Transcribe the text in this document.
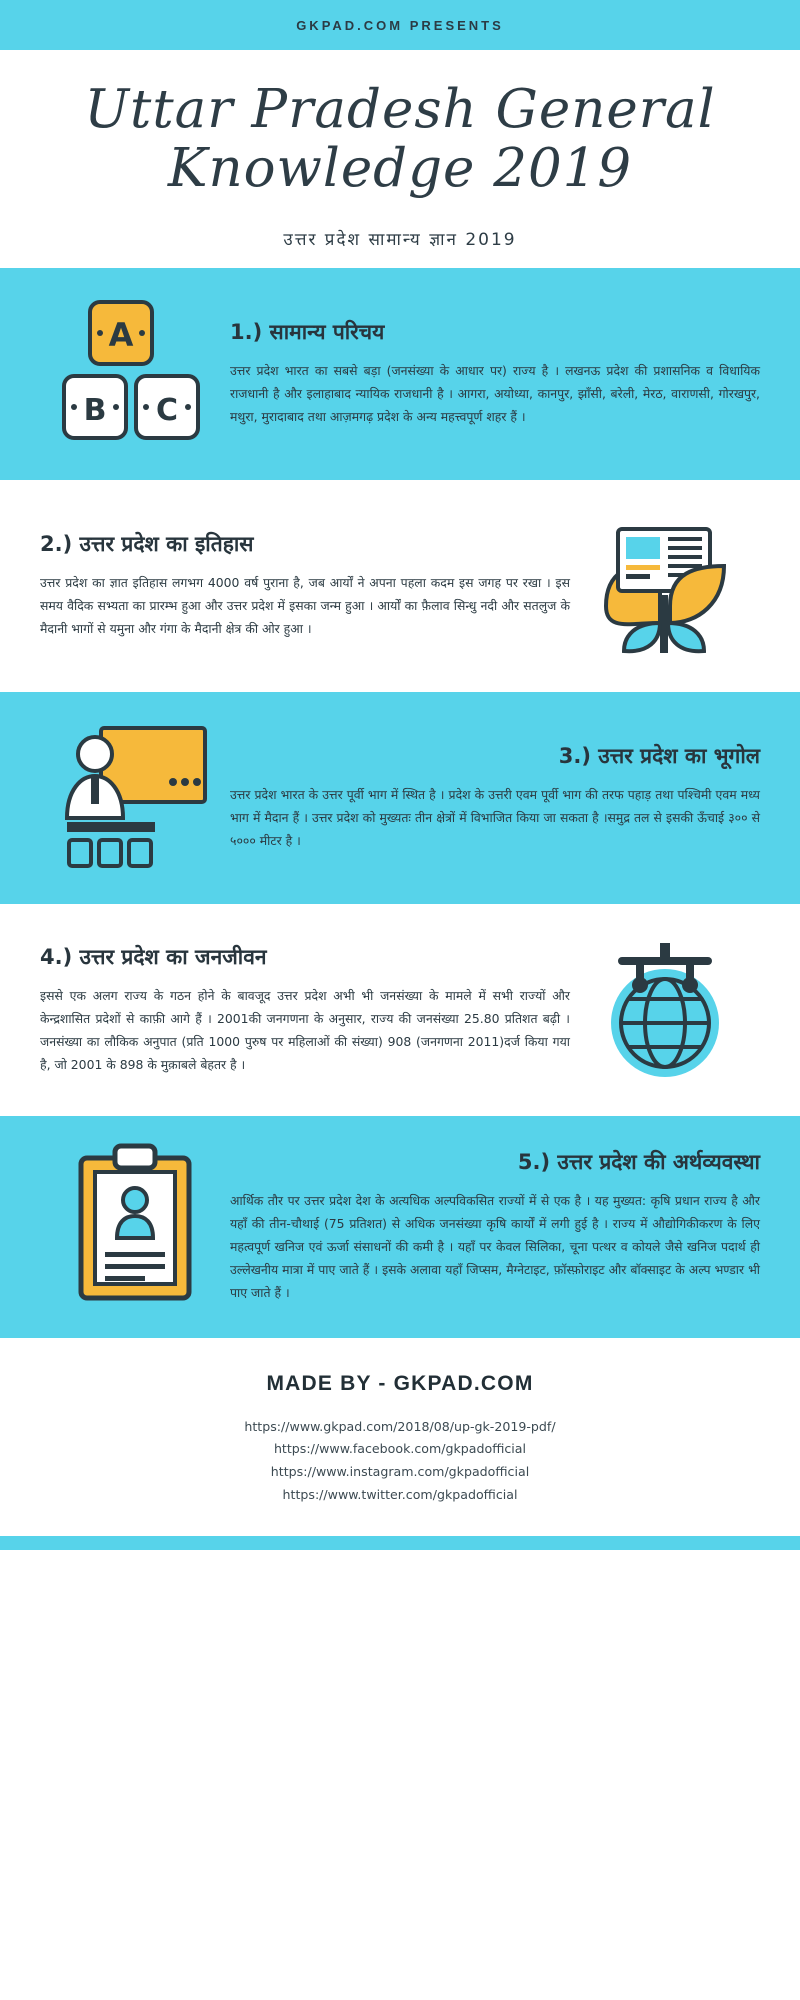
GKPAD.COM PRESENTS
Uttar Pradesh General
Knowledge 2019
उत्तर प्रदेश सामान्य ज्ञान 2019
A
B C
1.) सामान्य परिचय
उत्तर प्रदेश भारत का सबसे बड़ा (जनसंख्या के आधार पर) राज्य है । लखनऊ प्रदेश की प्रशासनिक व विधायिक राजधानी है और इलाहाबाद न्यायिक राजधानी है । आगरा, अयोध्या, कानपुर, झाँसी, बरेली, मेरठ, वाराणसी, गोरखपुर, मथुरा, मुरादाबाद तथा आज़मगढ़ प्रदेश के अन्य महत्त्वपूर्ण शहर हैं ।
2.) उत्तर प्रदेश का इतिहास
उत्तर प्रदेश का ज्ञात इतिहास लगभग 4000 वर्ष पुराना है, जब आर्यों ने अपना पहला कदम इस जगह पर रखा । इस समय वैदिक सभ्यता का प्रारम्भ हुआ और उत्तर प्रदेश में इसका जन्म हुआ । आर्यों का फ़ैलाव सिन्धु नदी और सतलुज के मैदानी भागों से यमुना और गंगा के मैदानी क्षेत्र की ओर हुआ ।
3.) उत्तर प्रदेश का भूगोल
उत्तर प्रदेश भारत के उत्तर पूर्वी भाग में स्थित है । प्रदेश के उत्तरी एवम पूर्वी भाग की तरफ पहाड़ तथा पश्चिमी एवम मध्य भाग में मैदान हैं । उत्तर प्रदेश को मुख्यतः तीन क्षेत्रों में विभाजित किया जा सकता है ।समुद्र तल से इसकी ऊँचाई ३०० से ५००० मीटर है ।
4.) उत्तर प्रदेश का जनजीवन
इससे एक अलग राज्य के गठन होने के बावजूद उत्तर प्रदेश अभी भी जनसंख्या के मामले में सभी राज्यों और केन्द्रशासित प्रदेशों से काफ़ी आगे हैं । 2001की जनगणना के अनुसार, राज्य की जनसंख्या 25.80 प्रतिशत बढ़ी । जनसंख्या का लौकिक अनुपात (प्रति 1000 पुरुष पर महिलाओं की संख्या) 908 (जनगणना 2011)दर्ज किया गया है, जो 2001 के 898 के मुक़ाबले बेहतर है ।
5.) उत्तर प्रदेश की अर्थव्यवस्था
आर्थिक तौर पर उत्तर प्रदेश देश के अत्यधिक अल्पविकसित राज्यों में से एक है । यह मुख्यत: कृषि प्रधान राज्य है और यहाँ की तीन-चौथाई (75 प्रतिशत) से अधिक जनसंख्या कृषि कार्यों में लगी हुई है । राज्य में औद्योगिकीकरण के लिए महत्वपूर्ण खनिज एवं ऊर्जा संसाधनों की कमी है । यहाँ पर केवल सिलिका, चूना पत्थर व कोयले जैसे खनिज पदार्थ ही उल्लेखनीय मात्रा में पाए जाते हैं । इसके अलावा यहाँ जिप्सम, मैग्नेटाइट, फ़ॉस्फ़ोराइट और बॉक्साइट के अल्प भण्डार भी पाए जाते हैं ।
MADE BY - GKPAD.COM
https://www.gkpad.com/2018/08/up-gk-2019-pdf/
https://www.facebook.com/gkpadofficial
https://www.instagram.com/gkpadofficial
https://www.twitter.com/gkpadofficial
